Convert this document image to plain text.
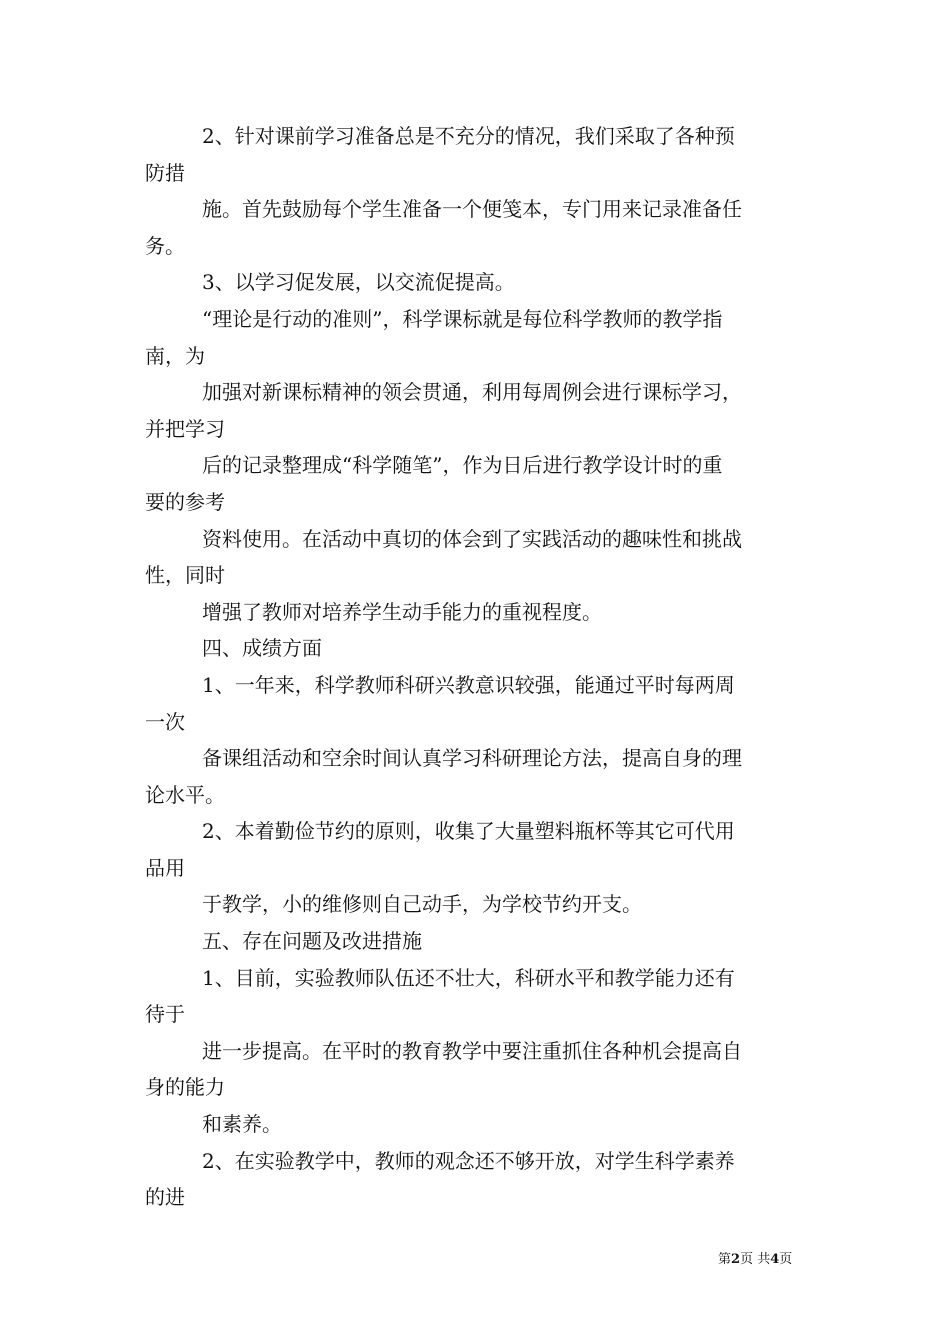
2、针对课前学习准备总是不充分的情况，我们采取了各种预
防措
施。首先鼓励每个学生准备一个便笺本，专门用来记录准备任
务。
3、以学习促发展，以交流促提高。
“理论是行动的准则”，科学课标就是每位科学教师的教学指
南，为
加强对新课标精神的领会贯通，利用每周例会进行课标学习，
并把学习
后的记录整理成“科学随笔”，作为日后进行教学设计时的重
要的参考
资料使用。在活动中真切的体会到了实践活动的趣味性和挑战
性，同时
增强了教师对培养学生动手能力的重视程度。
四、成绩方面
1、一年来，科学教师科研兴教意识较强，能通过平时每两周
一次
备课组活动和空余时间认真学习科研理论方法，提高自身的理
论水平。
2、本着勤俭节约的原则，收集了大量塑料瓶杯等其它可代用
品用
于教学，小的维修则自己动手，为学校节约开支。
五、存在问题及改进措施
1、目前，实验教师队伍还不壮大，科研水平和教学能力还有
待于
进一步提高。在平时的教育教学中要注重抓住各种机会提高自
身的能力
和素养。
2、在实验教学中，教师的观念还不够开放，对学生科学素养
的进
第2页 共4页
